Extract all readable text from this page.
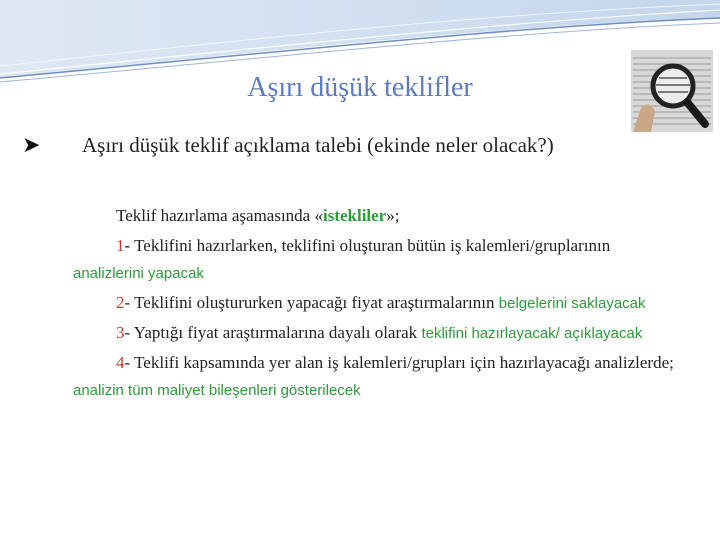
Aşırı düşük teklifler
➤ Aşırı düşük teklif açıklama talebi (ekinde neler olacak?)

Teklif hazırlama aşamasında «istekliler»;

1- Teklifini hazırlarken, teklifini oluşturan bütün iş kalemleri/gruplarının analizlerini yapacak

2- Teklifini oluştururken yapacağı fiyat araştırmalarının belgelerini saklayacak

3- Yaptığı fiyat araştırmalarına dayalı olarak teklifini hazırlayacak/ açıklayacak

4- Teklifi kapsamında yer alan iş kalemleri/grupları için hazırlayacağı analizlerde; analizin tüm maliyet bileşenleri gösterilecek
